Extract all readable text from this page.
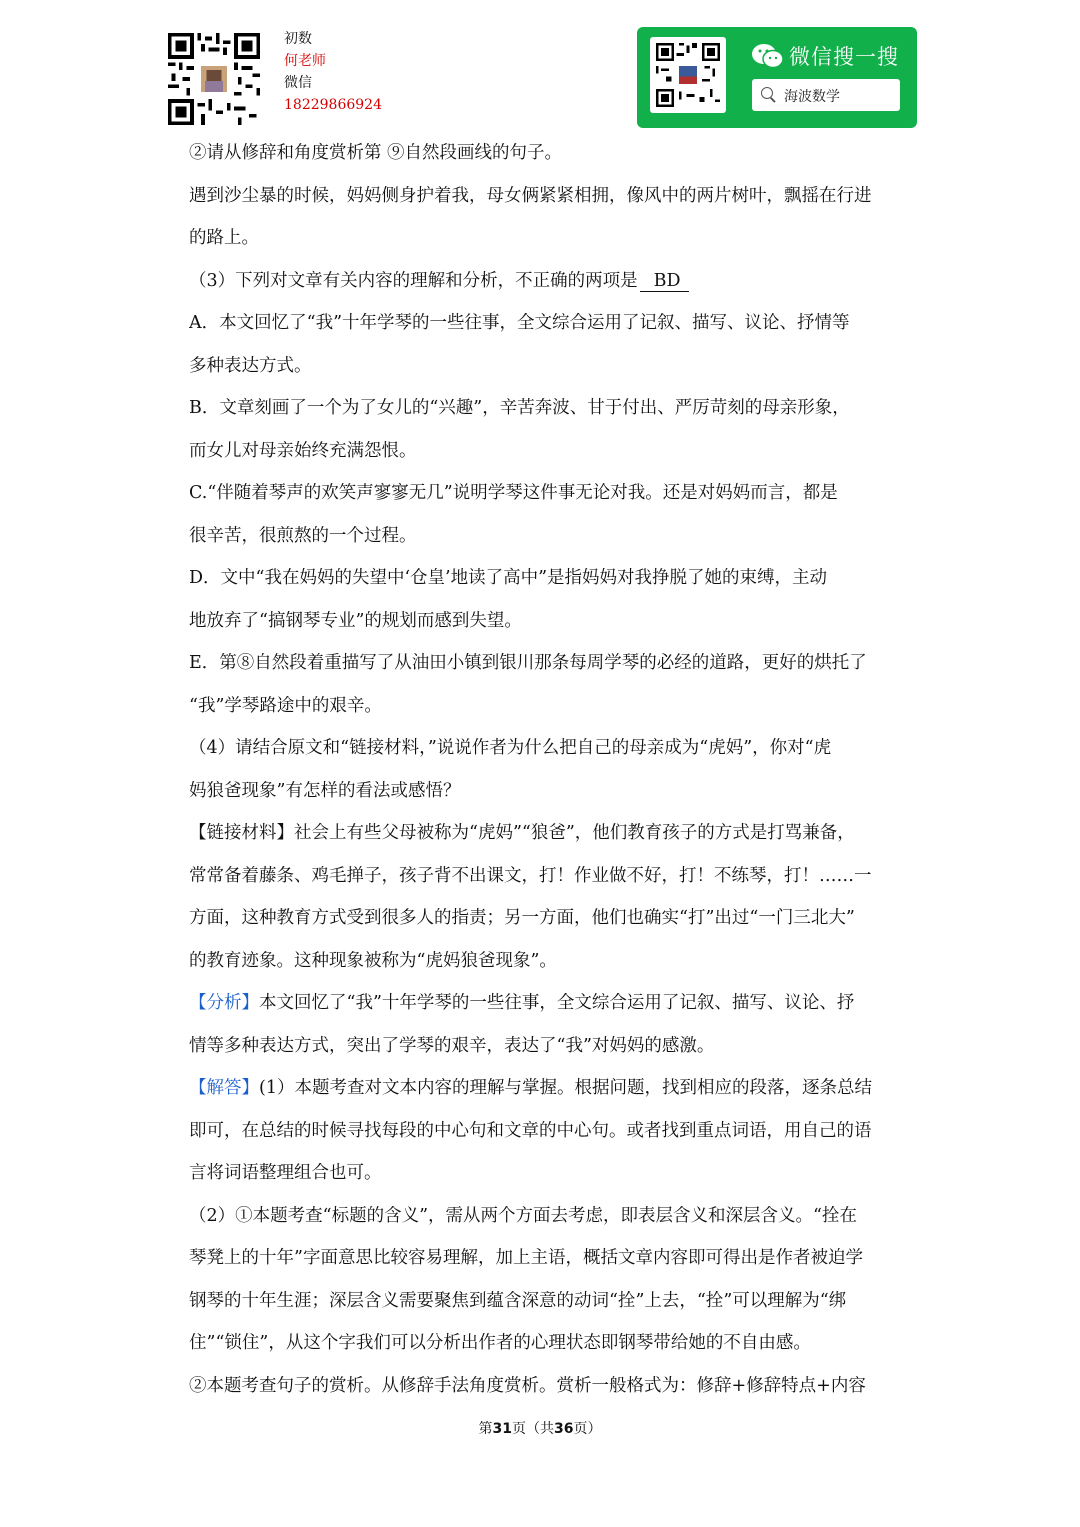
初数
何老师
微信
18229866924
微信搜一搜
海波数学

②请从修辞和角度赏析第 ⑨自然段画线的句子。

遇到沙尘暴的时候，妈妈侧身护着我，母女俩紧紧相拥，像风中的两片树叶，飘摇在行进

的路上。

（3）下列对文章有关内容的理解和分析，不正确的两项是 BD

A．本文回忆了“我”十年学琴的一些往事，全文综合运用了记叙、描写、议论、抒情等

多种表达方式。

B．文章刻画了一个为了女儿的“兴趣”，辛苦奔波、甘于付出、严厉苛刻的母亲形象，

而女儿对母亲始终充满怨恨。

C.“伴随着琴声的欢笑声寥寥无几”说明学琴这件事无论对我。还是对妈妈而言，都是

很辛苦，很煎熬的一个过程。

D．文中“我在妈妈的失望中‘仓皇’地读了高中”是指妈妈对我挣脱了她的束缚，主动

地放弃了“搞钢琴专业”的规划而感到失望。

E．第⑧自然段着重描写了从油田小镇到银川那条每周学琴的必经的道路，更好的烘托了

“我”学琴路途中的艰辛。

（4）请结合原文和“链接材料，”说说作者为什么把自己的母亲成为“虎妈”，你对“虎

妈狼爸现象”有怎样的看法或感悟？

【链接材料】社会上有些父母被称为“虎妈”“狼爸”，他们教育孩子的方式是打骂兼备，

常常备着藤条、鸡毛掸子，孩子背不出课文，打！作业做不好，打！不练琴，打！……一

方面，这种教育方式受到很多人的指责；另一方面，他们也确实“打”出过“一门三北大”

的教育迹象。这种现象被称为“虎妈狼爸现象”。

【分析】本文回忆了“我”十年学琴的一些往事，全文综合运用了记叙、描写、议论、抒

情等多种表达方式，突出了学琴的艰辛，表达了“我”对妈妈的感激。

【解答】(1）本题考查对文本内容的理解与掌握。根据问题，找到相应的段落，逐条总结

即可，在总结的时候寻找每段的中心句和文章的中心句。或者找到重点词语，用自己的语

言将词语整理组合也可。

（2）①本题考查“标题的含义”，需从两个方面去考虑，即表层含义和深层含义。“拴在

琴凳上的十年”字面意思比较容易理解，加上主语，概括文章内容即可得出是作者被迫学

钢琴的十年生涯；深层含义需要聚焦到蕴含深意的动词“拴”上去，“拴”可以理解为“绑

住”“锁住”，从这个字我们可以分析出作者的心理状态即钢琴带给她的不自由感。

②本题考查句子的赏析。从修辞手法角度赏析。赏析一般格式为：修辞+修辞特点+内容

第31页（共36页）
